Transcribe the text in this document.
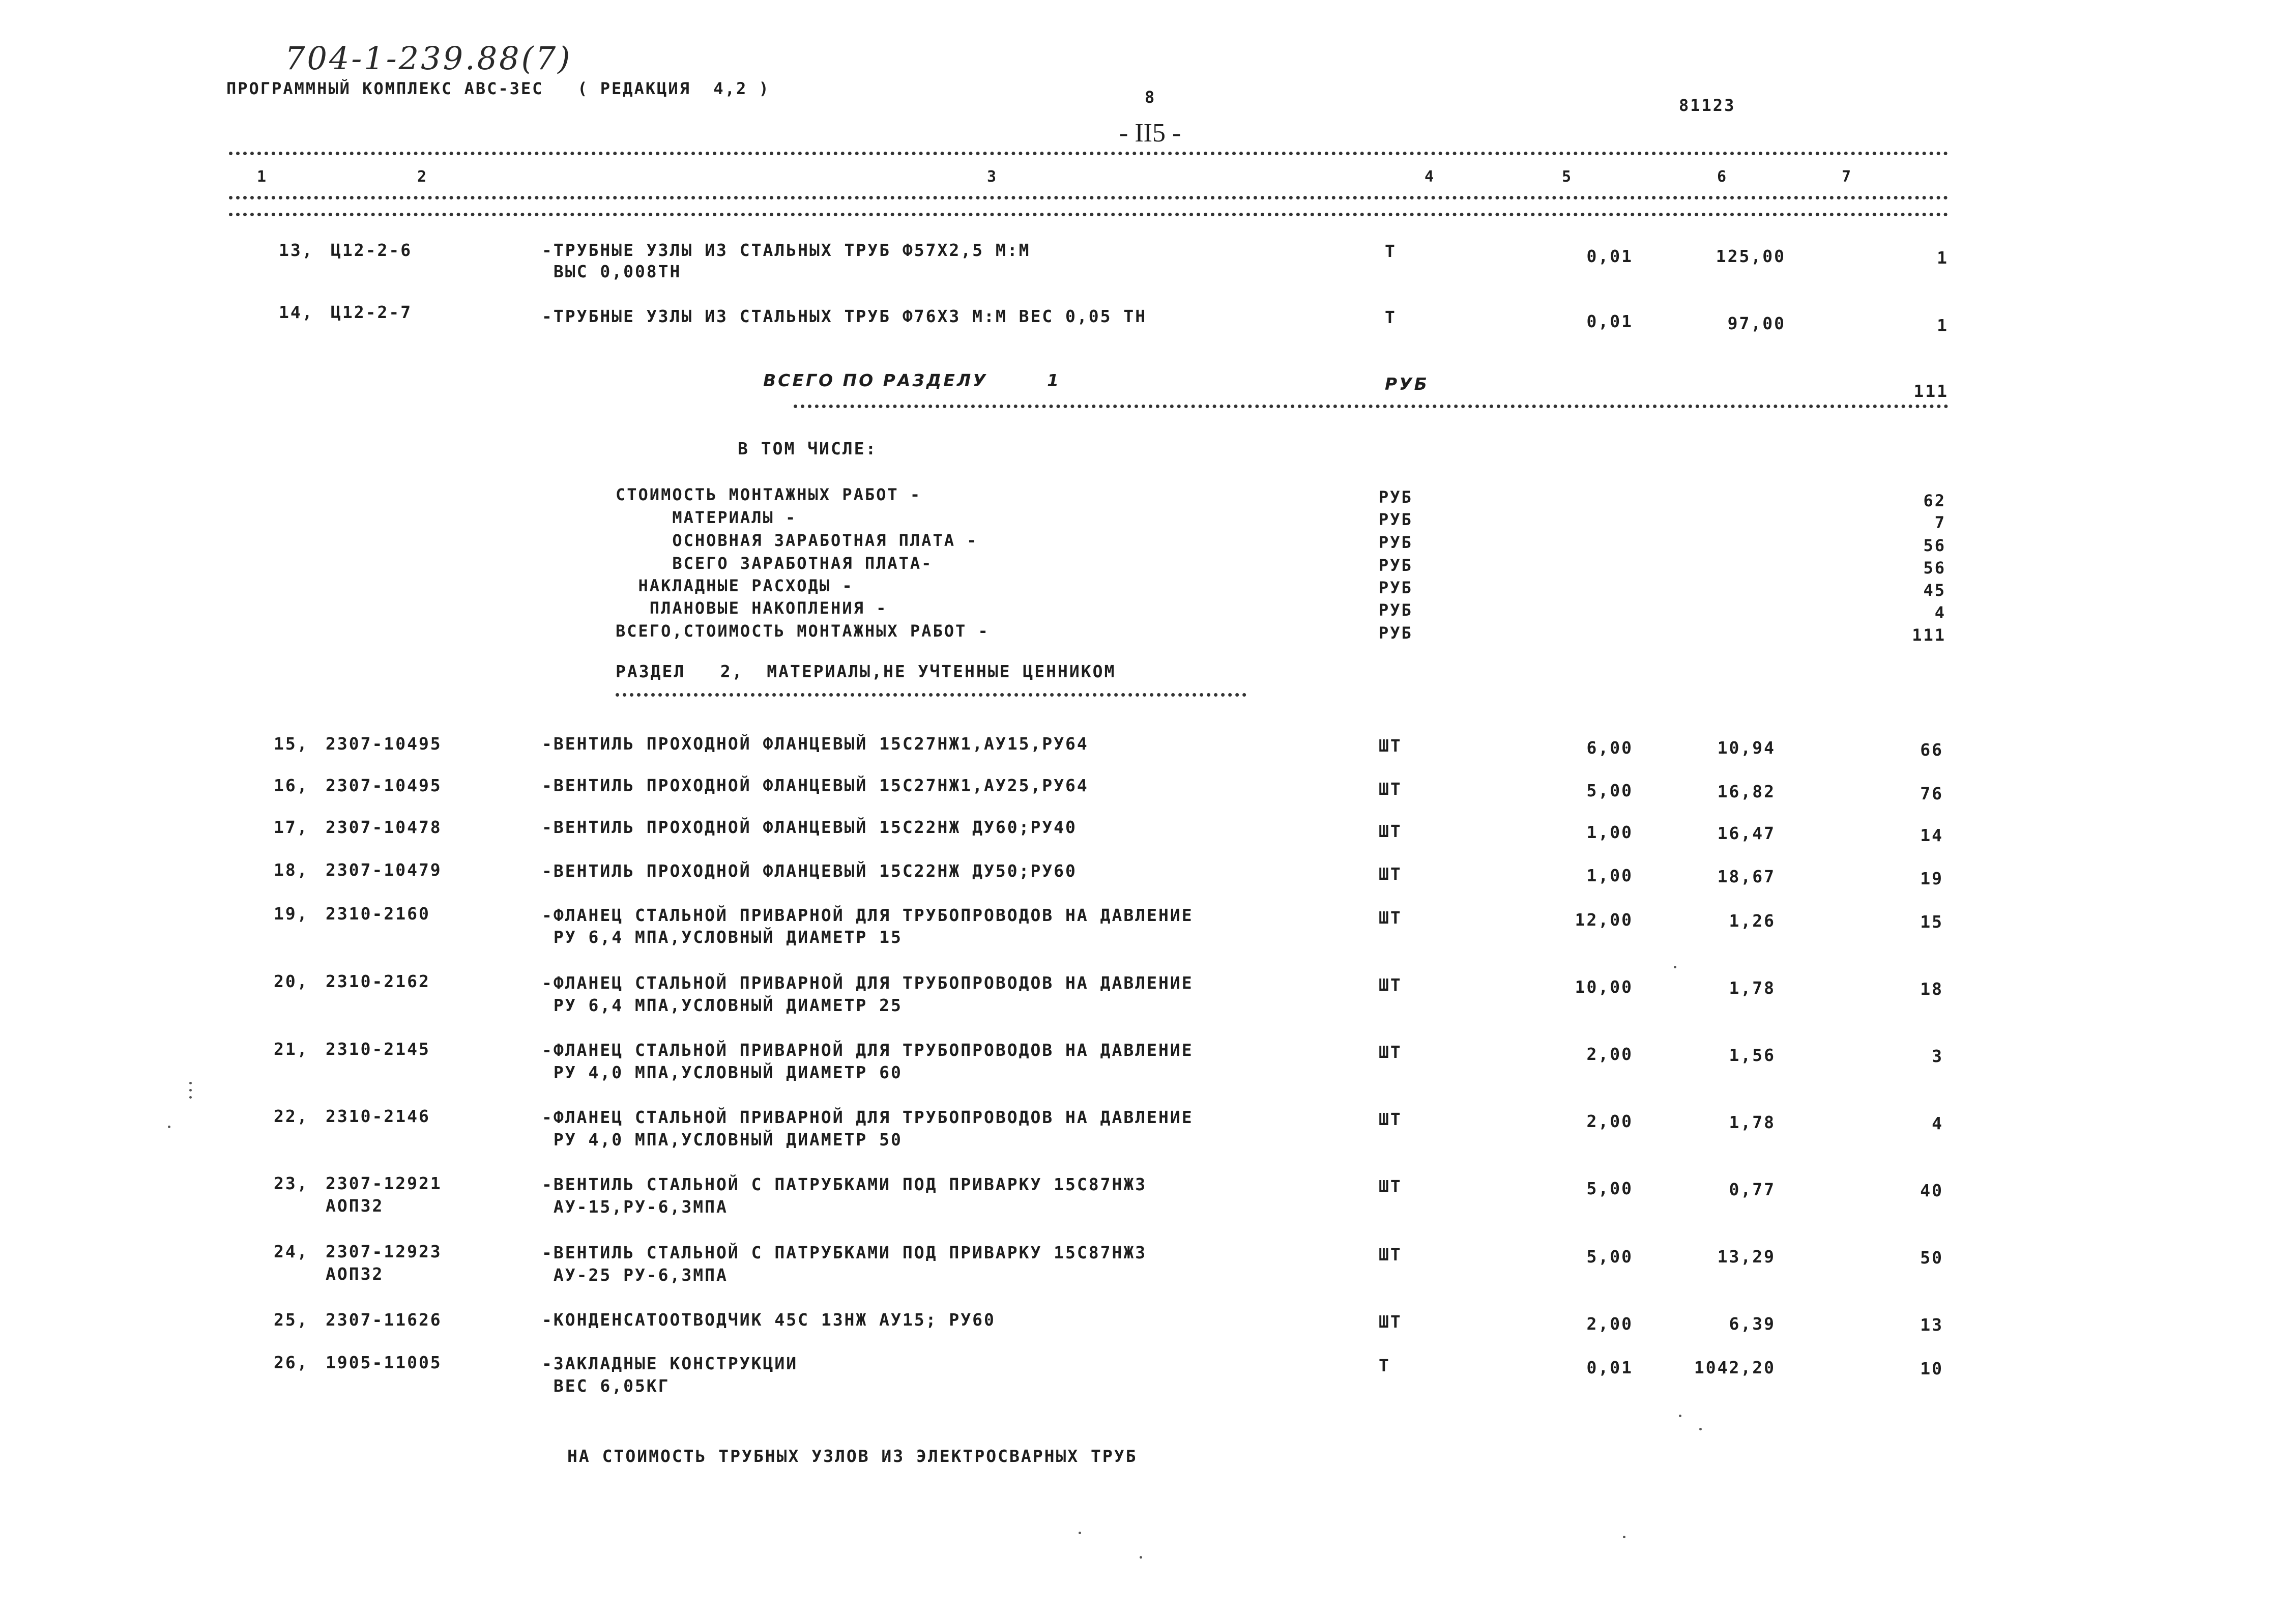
704-1-239.88(7)
ПРОГРАММНЫЙ КОМПЛЕКС АВС-3ЕС   ( РЕДАКЦИЯ  4,2 )	8	81123
- II5 -
1	2	3	4	5	6	7
13, Ц12-2-6	-ТРУБНЫЕ УЗЛЫ ИЗ СТАЛЬНЫХ ТРУБ Ф57Х2,5 М:М
ВЫС 0,008ТН
Т	0,01	125,00	1
14, Ц12-2-7	-ТРУБНЫЕ УЗЛЫ ИЗ СТАЛЬНЫХ ТРУБ Ф76Х3 М:М ВЕС 0,05 ТН	Т	0,01	97,00	1
ВСЕГО ПО РАЗДЕЛУ	1	РУБ	111
В ТОМ ЧИСЛЕ:
СТОИМОСТЬ МОНТАЖНЫХ РАБОТ -	РУБ	62
МАТЕРИАЛЫ -	РУБ	7
ОСНОВНАЯ ЗАРАБОТНАЯ ПЛАТА -	РУБ	56
ВСЕГО ЗАРАБОТНАЯ ПЛАТА-	РУБ	56
НАКЛАДНЫЕ РАСХОДЫ -	РУБ	45
ПЛАНОВЫЕ НАКОПЛЕНИЯ -	РУБ	4
ВСЕГО,СТОИМОСТЬ МОНТАЖНЫХ РАБОТ -	РУБ	111
РАЗДЕЛ   2,  МАТЕРИАЛЫ,НЕ УЧТЕННЫЕ ЦЕННИКОМ
15, 2307-10495	-ВЕНТИЛЬ ПРОХОДНОЙ ФЛАНЦЕВЫЙ 15С27НЖ1,АУ15,РУ64	ШТ	6,00	10,94	66
16, 2307-10495	-ВЕНТИЛЬ ПРОХОДНОЙ ФЛАНЦЕВЫЙ 15С27НЖ1,АУ25,РУ64	ШТ	5,00	16,82	76
17, 2307-10478	-ВЕНТИЛЬ ПРОХОДНОЙ ФЛАНЦЕВЫЙ 15С22НЖ ДУ60;РУ40	ШТ	1,00	16,47	14
18, 2307-10479	-ВЕНТИЛЬ ПРОХОДНОЙ ФЛАНЦЕВЫЙ 15С22НЖ ДУ50;РУ60	ШТ	1,00	18,67	19
19, 2310-2160	-ФЛАНЕЦ СТАЛЬНОЙ ПРИВАРНОЙ ДЛЯ ТРУБОПРОВОДОВ НА ДАВЛЕНИЕ
РУ 6,4 МПА,УСЛОВНЫЙ ДИАМЕТР 15
ШТ	12,00	1,26	15
20, 2310-2162	-ФЛАНЕЦ СТАЛЬНОЙ ПРИВАРНОЙ ДЛЯ ТРУБОПРОВОДОВ НА ДАВЛЕНИЕ
РУ 6,4 МПА,УСЛОВНЫЙ ДИАМЕТР 25
ШТ	10,00	1,78	18
21, 2310-2145	-ФЛАНЕЦ СТАЛЬНОЙ ПРИВАРНОЙ ДЛЯ ТРУБОПРОВОДОВ НА ДАВЛЕНИЕ
РУ 4,0 МПА,УСЛОВНЫЙ ДИАМЕТР 60
ШТ	2,00	1,56	3
22, 2310-2146	-ФЛАНЕЦ СТАЛЬНОЙ ПРИВАРНОЙ ДЛЯ ТРУБОПРОВОДОВ НА ДАВЛЕНИЕ
РУ 4,0 МПА,УСЛОВНЫЙ ДИАМЕТР 50
ШТ	2,00	1,78	4
23, 2307-12921
АОП32
-ВЕНТИЛЬ СТАЛЬНОЙ С ПАТРУБКАМИ ПОД ПРИВАРКУ 15С87НЖ3
АУ-15,РУ-6,3МПА
ШТ	5,00	0,77	40
24, 2307-12923
АОП32
-ВЕНТИЛЬ СТАЛЬНОЙ С ПАТРУБКАМИ ПОД ПРИВАРКУ 15С87НЖ3
АУ-25 РУ-6,3МПА
ШТ	5,00	13,29	50
25, 2307-11626	-КОНДЕНСАТООТВОДЧИК 45С 13НЖ АУ15; РУ60	ШТ	2,00	6,39	13
26, 1905-11005	-ЗАКЛАДНЫЕ КОНСТРУКЦИИ
ВЕС 6,05КГ
Т	0,01	1042,20	10
НА СТОИМОСТЬ ТРУБНЫХ УЗЛОВ ИЗ ЭЛЕКТРОСВАРНЫХ ТРУБ
